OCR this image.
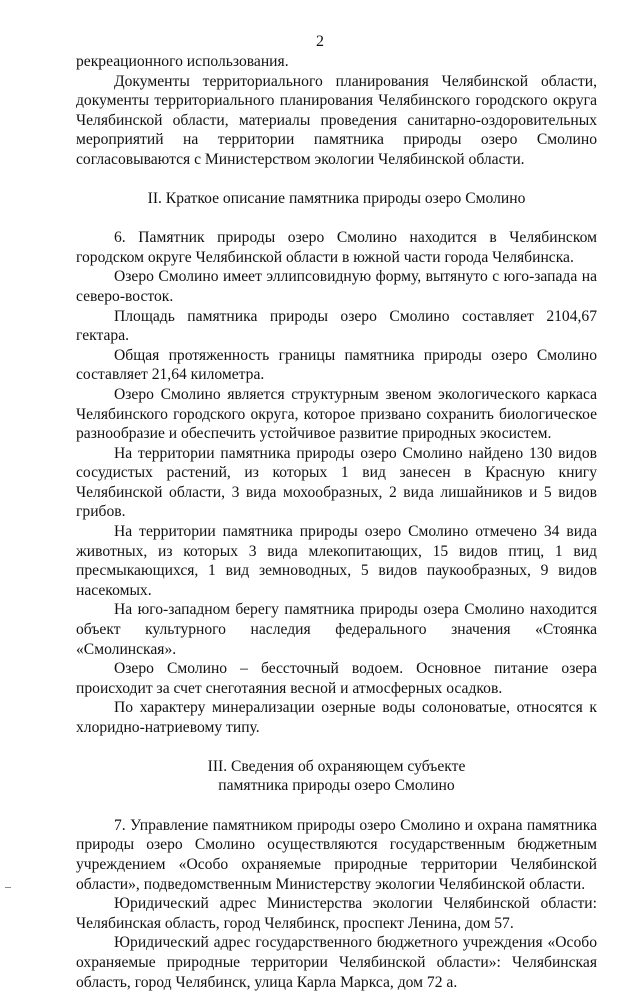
2

рекреационного использования.

Документы территориального планирования Челябинской области, документы территориального планирования Челябинского городского округа Челябинской области, материалы проведения санитарно-оздоровительных мероприятий на территории памятника природы озеро Смолино согласовываются с Министерством экологии Челябинской области.

II. Краткое описание памятника природы озеро Смолино

6. Памятник природы озеро Смолино находится в Челябинском городском округе Челябинской области в южной части города Челябинска.

Озеро Смолино имеет эллипсовидную форму, вытянуто с юго-запада на северо-восток.

Площадь памятника природы озеро Смолино составляет 2104,67 гектара.

Общая протяженность границы памятника природы озеро Смолино составляет 21,64 километра.

Озеро Смолино является структурным звеном экологического каркаса Челябинского городского округа, которое призвано сохранить биологическое разнообразие и обеспечить устойчивое развитие природных экосистем.

На территории памятника природы озеро Смолино найдено 130 видов сосудистых растений, из которых 1 вид занесен в Красную книгу Челябинской области, 3 вида мохообразных, 2 вида лишайников и 5 видов грибов.

На территории памятника природы озеро Смолино отмечено 34 вида животных, из которых 3 вида млекопитающих, 15 видов птиц, 1 вид пресмыкающихся, 1 вид земноводных, 5 видов паукообразных, 9 видов насекомых.

На юго-западном берегу памятника природы озера Смолино находится объект культурного наследия федерального значения «Стоянка «Смолинская».

Озеро Смолино – бессточный водоем. Основное питание озера происходит за счет снеготаяния весной и атмосферных осадков.

По характеру минерализации озерные воды солоноватые, относятся к хлоридно-натриевому типу.

III. Сведения об охраняющем субъекте

памятника природы озеро Смолино

7. Управление памятником природы озеро Смолино и охрана памятника природы озеро Смолино осуществляются государственным бюджетным учреждением «Особо охраняемые природные территории Челябинской области», подведомственным Министерству экологии Челябинской области.

Юридический адрес Министерства экологии Челябинской области: Челябинская область, город Челябинск, проспект Ленина, дом 57.

Юридический адрес государственного бюджетного учреждения «Особо охраняемые природные территории Челябинской области»: Челябинская область, город Челябинск, улица Карла Маркса, дом 72 а.
